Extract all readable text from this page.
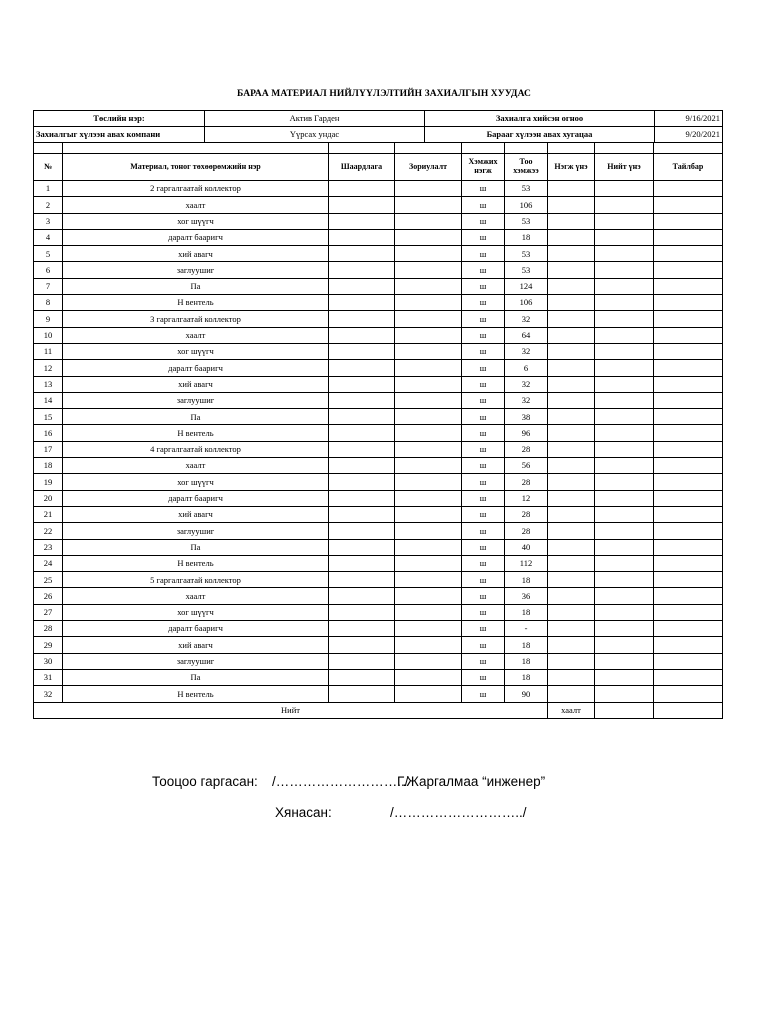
БАРАА МАТЕРИАЛ НИЙЛҮҮЛЭЛТИЙН ЗАХИАЛГЫН ХУУДАС
Төслийн нэр:	Актив Гарден	Захиалга хийсэн огноо	9/16/2021
Захиалгыг хүлээн авах компани	Үүрсах ундас	Барааг хүлээн авах хугацаа	9/20/2021

№	Материал, тоног төхөөрөмжийн нэр	Шаардлага	Зориулалт	Хэмжих нэгж	Тоо хэмжээ	Нэгж үнэ	Нийт үнэ	Тайлбар
1	2 гаргалгаатай коллектор			ш	53			
2	хаалт			ш	106			
3	хог шүүгч			ш	53			
4	даралт бааригч			ш	18			
5	хий авагч			ш	53			
6	заглуушиг			ш	53			
7	Па			ш	124			
8	Н вентель			ш	106			
9	3 гаргалгаатай коллектор			ш	32			
10	хаалт			ш	64			
11	хог шүүгч			ш	32			
12	даралт бааригч			ш	6			
13	хий авагч			ш	32			
14	заглуушиг			ш	32			
15	Па			ш	38			
16	Н вентель			ш	96			
17	4 гаргалгаатай коллектор			ш	28			
18	хаалт			ш	56			
19	хог шүүгч			ш	28			
20	даралт бааригч			ш	12			
21	хий авагч			ш	28			
22	заглуушиг			ш	28			
23	Па			ш	40			
24	Н вентель			ш	112			
25	5 гаргалгаатай коллектор			ш	18			
26	хаалт			ш	36			
27	хог шүүгч			ш	18			
28	даралт бааригч			ш	-			
29	хий авагч			ш	18			
30	заглуушиг			ш	18			
31	Па			ш	18			
32	Н вентель			ш	90			
Нийт						хаалт		
Тооцоо гаргасан: /………………………../
Г.Жаргалмаа “инженер”
Хянасан:	/………………………../
